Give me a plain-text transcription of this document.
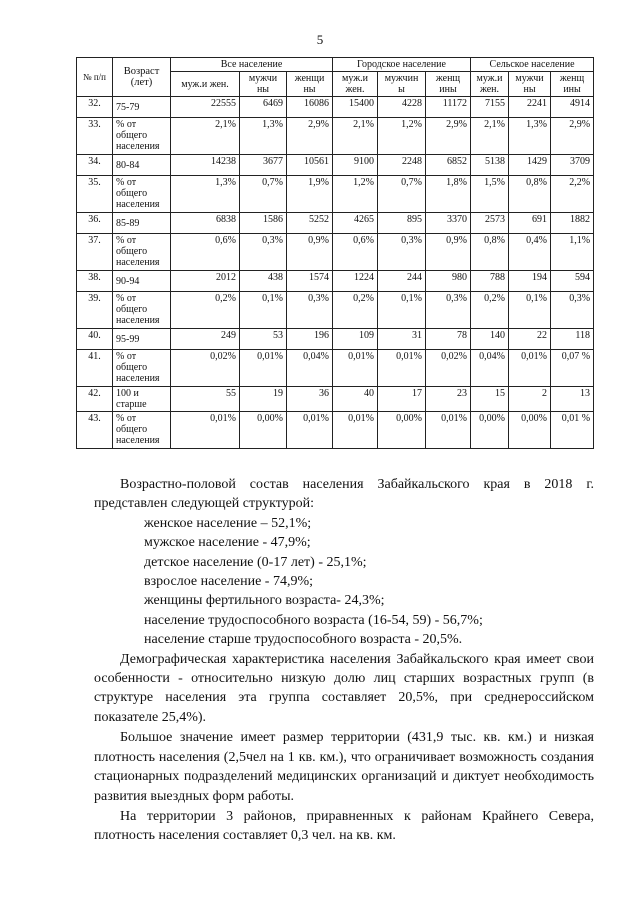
5
№ п/п	Возраст (лет)	Все население			Городское население			Сельское население		
		муж.и жен.	мужчи ны	женщи ны	муж.и жен.	мужчин ы	женщ ины	муж.и жен.	мужчи ны	женщ ины
32.	75-79	22555	6469	16086	15400	4228	11172	7155	2241	4914
33.	% от общего населения	2,1%	1,3%	2,9%	2,1%	1,2%	2,9%	2,1%	1,3%	2,9%
34.	80-84	14238	3677	10561	9100	2248	6852	5138	1429	3709
35.	% от общего населения	1,3%	0,7%	1,9%	1,2%	0,7%	1,8%	1,5%	0,8%	2,2%
36.	85-89	6838	1586	5252	4265	895	3370	2573	691	1882
37.	% от общего населения	0,6%	0,3%	0,9%	0,6%	0,3%	0,9%	0,8%	0,4%	1,1%
38.	90-94	2012	438	1574	1224	244	980	788	194	594
39.	% от общего населения	0,2%	0,1%	0,3%	0,2%	0,1%	0,3%	0,2%	0,1%	0,3%
40.	95-99	249	53	196	109	31	78	140	22	118
41.	% от общего населения	0,02%	0,01%	0,04%	0,01%	0,01%	0,02%	0,04%	0,01%	0,07 %
42.	100 и старше	55	19	36	40	17	23	15	2	13
43.	% от общего населения	0,01%	0,00%	0,01%	0,01%	0,00%	0,01%	0,00%	0,00%	0,01 %

Возрастно-половой состав населения Забайкальского края в 2018 г. представлен следующей структурой:

женское население – 52,1%;

мужское население - 47,9%;

детское население (0-17 лет) - 25,1%;

взрослое население - 74,9%;

женщины фертильного возраста- 24,3%;

население трудоспособного возраста (16-54, 59) - 56,7%;

население старше трудоспособного возраста - 20,5%.

Демографическая характеристика населения Забайкальского края имеет свои особенности - относительно низкую долю лиц старших возрастных групп (в структуре населения эта группа составляет 20,5%, при среднероссийском показателе 25,4%).

Большое значение имеет размер территории (431,9 тыс. кв. км.) и низкая плотность населения (2,5чел на 1 кв. км.), что ограничивает возможность создания стационарных подразделений медицинских организаций и диктует необходимость развития выездных форм работы.

На территории 3 районов, приравненных к районам Крайнего Севера, плотность населения составляет 0,3 чел. на кв. км.
